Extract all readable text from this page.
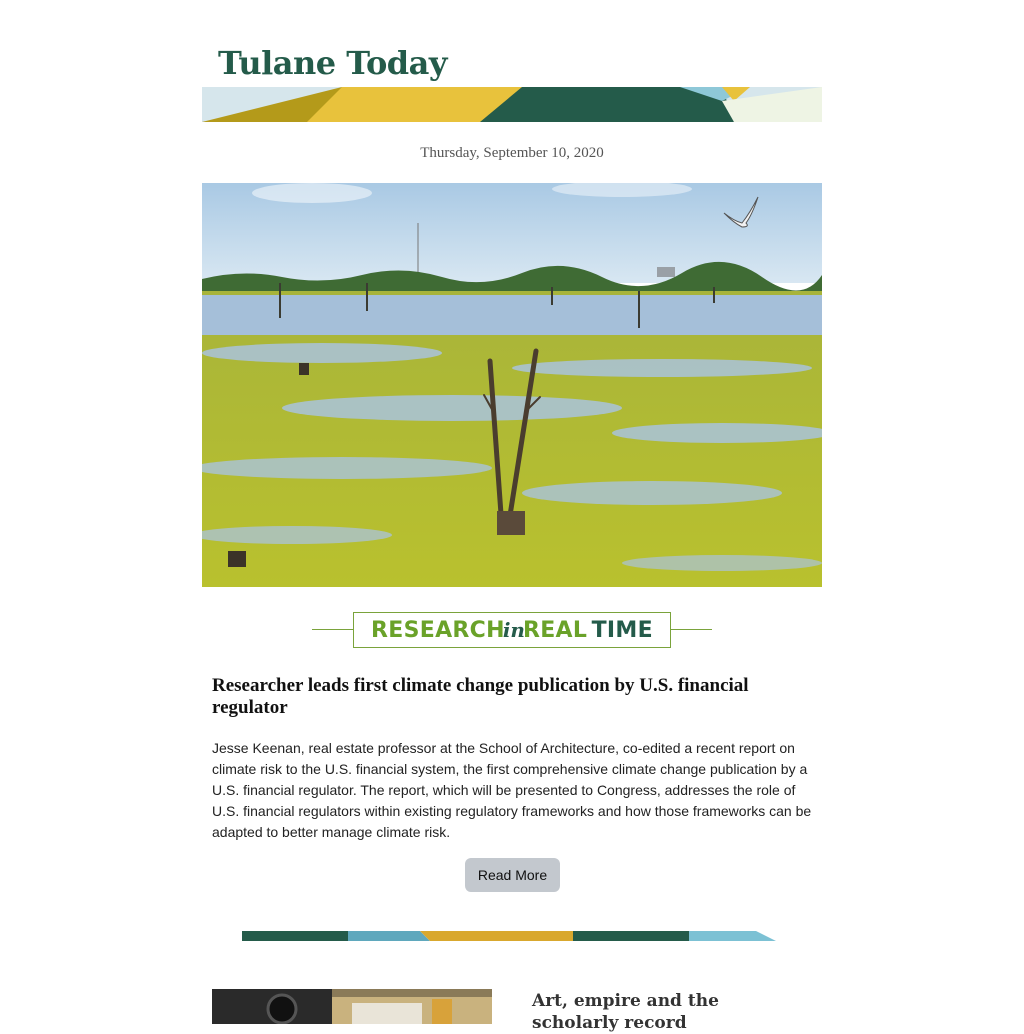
Tulane Today
Thursday, September 10, 2020
RESEARCHinREAL TIME
Researcher leads first climate change publication by U.S. financial regulator

Jesse Keenan, real estate professor at the School of Architecture, co-edited a recent report on climate risk to the U.S. financial system, the first comprehensive climate change publication by a U.S. financial regulator. The report, which will be presented to Congress, addresses the role of U.S. financial regulators within existing regulatory frameworks and how those frameworks can be adapted to better manage climate risk.

Read More
Art, empire and the scholarly record
